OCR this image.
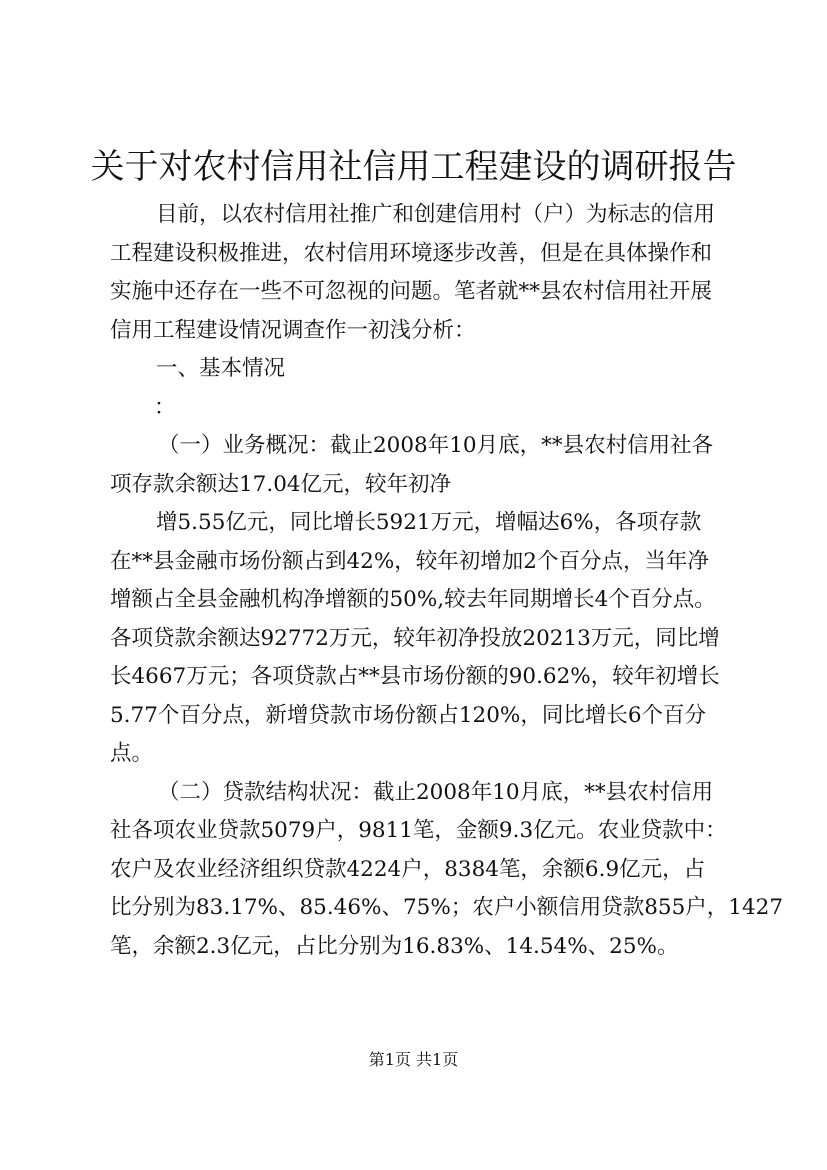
关于对农村信用社信用工程建设的调研报告
目前，以农村信用社推广和创建信用村（户）为标志的信用
工程建设积极推进，农村信用环境逐步改善，但是在具体操作和
实施中还存在一些不可忽视的问题。笔者就**县农村信用社开展
信用工程建设情况调查作一初浅分析：
一、基本情况
：
（一）业务概况：截止2008年10月底，**县农村信用社各
项存款余额达17.04亿元，较年初净
增5.55亿元，同比增长5921万元，增幅达6%，各项存款
在**县金融市场份额占到42%，较年初增加2个百分点，当年净
增额占全县金融机构净增额的50%,较去年同期增长4个百分点。
各项贷款余额达92772万元，较年初净投放20213万元，同比增
长4667万元；各项贷款占**县市场份额的90.62%，较年初增长
5.77个百分点，新增贷款市场份额占120%，同比增长6个百分
点。
（二）贷款结构状况：截止2008年10月底，**县农村信用
社各项农业贷款5079户，9811笔，金额9.3亿元。农业贷款中：
农户及农业经济组织贷款4224户，8384笔，余额6.9亿元，占
比分别为83.17%、85.46%、75%；农户小额信用贷款855户，1427
笔，余额2.3亿元，占比分别为16.83%、14.54%、25%。
第1页 共1页
